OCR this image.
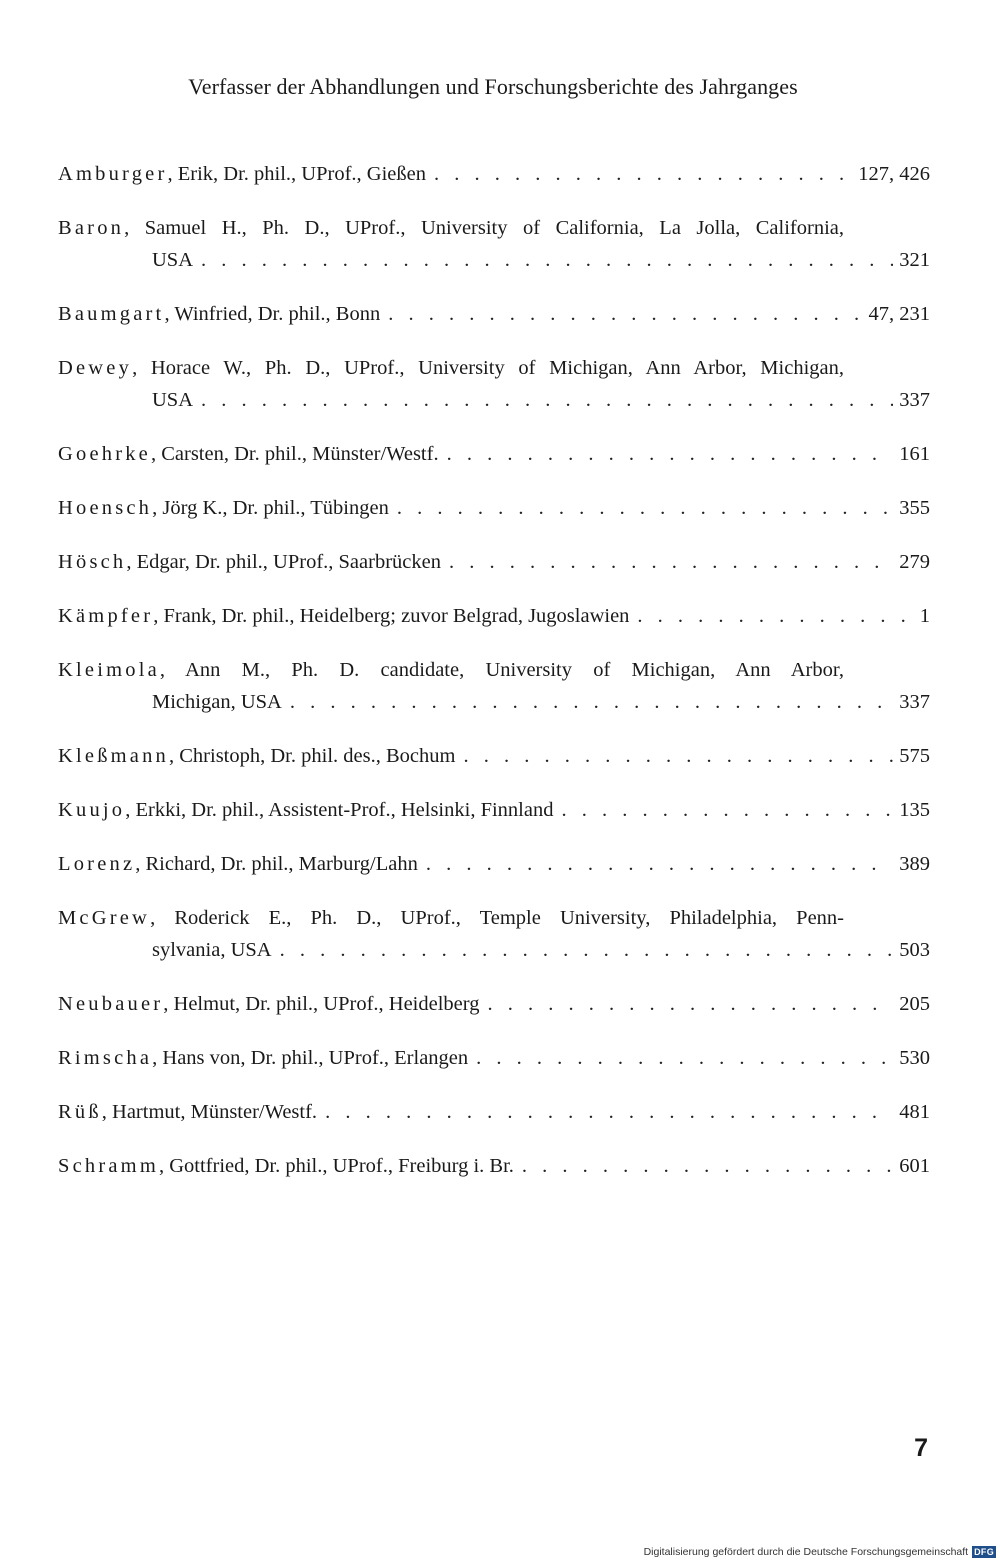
Verfasser der Abhandlungen und Forschungsberichte des Jahrganges
Amburger , Erik, Dr. phil., UProf., Gießen . . .	127, 426
Baron, Samuel H., Ph. D., UProf., University of California, La Jolla, California,
USA . . .	321
Baumgart , Winfried, Dr. phil., Bonn . . .	47, 231
Dewey, Horace W., Ph. D., UProf., University of Michigan, Ann Arbor, Michigan,
USA . . .	337
Goehrke , Carsten, Dr. phil., Münster/Westf. . . .	161
Hoensch , Jörg K., Dr. phil., Tübingen . . .	355
Hösch , Edgar, Dr. phil., UProf., Saarbrücken . . .	279
Kämpfer , Frank, Dr. phil., Heidelberg; zuvor Belgrad, Jugoslawien . . .	1
Kleimola, Ann M., Ph. D. candidate, University of Michigan, Ann Arbor,
Michigan, USA . . .	337
Kleßmann , Christoph, Dr. phil. des., Bochum . . .	575
Kuujo , Erkki, Dr. phil., Assistent-Prof., Helsinki, Finnland . . .	135
Lorenz , Richard, Dr. phil., Marburg/Lahn . . .	389
McGrew, Roderick E., Ph. D., UProf., Temple University, Philadelphia, Penn-
sylvania, USA . . .	503
Neubauer , Helmut, Dr. phil., UProf., Heidelberg . . .	205
Rimscha , Hans von, Dr. phil., UProf., Erlangen . . .	530
Rüß , Hartmut, Münster/Westf. . . .	481
Schramm , Gottfried, Dr. phil., UProf., Freiburg i. Br. . . .	601
7
Digitalisierung gefördert durch die Deutsche Forschungsgemeinschaft DFG
